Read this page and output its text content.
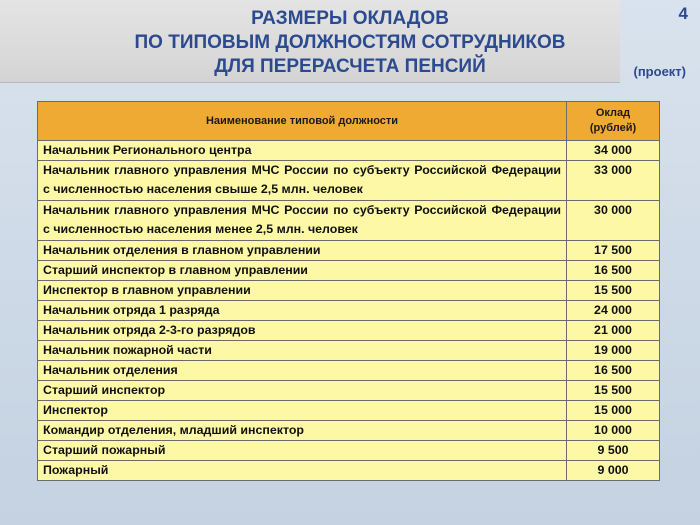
РАЗМЕРЫ ОКЛАДОВ
ПО ТИПОВЫМ ДОЛЖНОСТЯМ СОТРУДНИКОВ
ДЛЯ ПЕРЕРАСЧЕТА ПЕНСИЙ
4
(проект)
Наименование типовой должности	Оклад
(рублей)
Начальник Регионального центра	34 000
Начальник главного управления МЧС России по субъекту Российской Федерации с численностью населения свыше 2,5 млн. человек	33 000
Начальник главного управления МЧС России по субъекту Российской Федерации с численностью населения менее 2,5 млн. человек	30 000
Начальник отделения в главном управлении	17 500
Старший инспектор в главном управлении	16 500
Инспектор в главном управлении	15 500
Начальник отряда 1 разряда	24 000
Начальник отряда 2-3-го разрядов	21 000
Начальник пожарной части	19 000
Начальник отделения	16 500
Старший инспектор	15 500
Инспектор	15 000
Командир отделения, младший инспектор	10 000
Старший пожарный	9 500
Пожарный	9 000
